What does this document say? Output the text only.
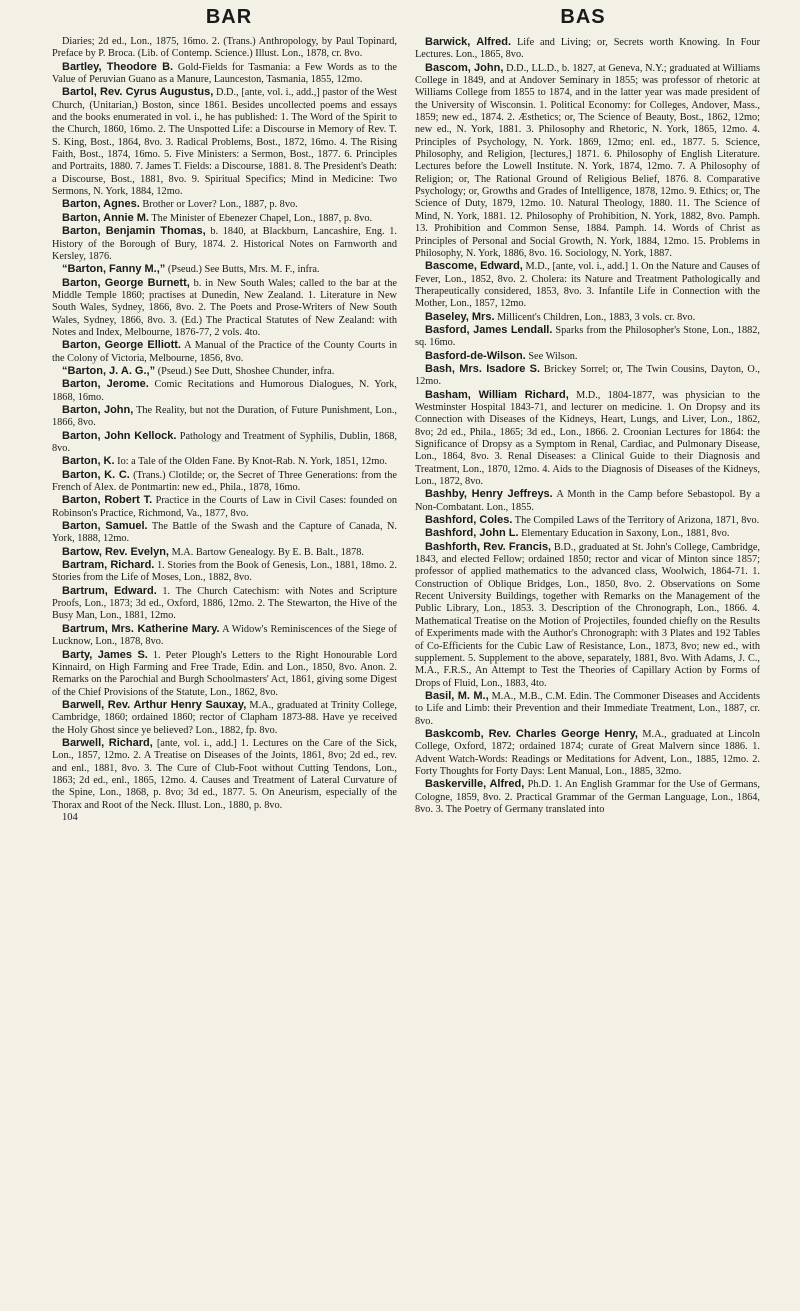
BAR	BAS

Diaries; 2d ed., Lon., 1875, 16mo. 2. (Trans.) Anthropology, by Paul Topinard, Preface by P. Broca. (Lib. of Contemp. Science.) Illust. Lon., 1878, cr. 8vo.

Bartley, Theodore B. Gold-Fields for Tasmania: a Few Words as to the Value of Peruvian Guano as a Manure, Launceston, Tasmania, 1855, 12mo.

Bartol, Rev. Cyrus Augustus, D.D., [ante, vol. i., add.,] pastor of the West Church, (Unitarian,) Boston, since 1861. Besides uncollected poems and essays and the books enumerated in vol. i., he has published: 1. The Word of the Spirit to the Church, 1860, 16mo. 2. The Unspotted Life: a Discourse in Memory of Rev. T. S. King, Bost., 1864, 8vo. 3. Radical Problems, Bost., 1872, 16mo. 4. The Rising Faith, Bost., 1874, 16mo. 5. Five Ministers: a Sermon, Bost., 1877. 6. Principles and Portraits, 1880. 7. James T. Fields: a Discourse, 1881. 8. The President's Death: a Discourse, Bost., 1881, 8vo. 9. Spiritual Specifics; Mind in Medicine: Two Sermons, N. York, 1884, 12mo.

Barton, Agnes. Brother or Lover? Lon., 1887, p. 8vo.

Barton, Annie M. The Minister of Ebenezer Chapel, Lon., 1887, p. 8vo.

Barton, Benjamin Thomas, b. 1840, at Blackburn, Lancashire, Eng. 1. History of the Borough of Bury, 1874. 2. Historical Notes on Farnworth and Kersley, 1876.

“Barton, Fanny M.,” (Pseud.) See Butts, Mrs. M. F., infra.

Barton, George Burnett, b. in New South Wales; called to the bar at the Middle Temple 1860; practises at Dunedin, New Zealand. 1. Literature in New South Wales, Sydney, 1866, 8vo. 2. The Poets and Prose-Writers of New South Wales, Sydney, 1866, 8vo. 3. (Ed.) The Practical Statutes of New Zealand: with Notes and Index, Melbourne, 1876-77, 2 vols. 4to.

Barton, George Elliott. A Manual of the Practice of the County Courts in the Colony of Victoria, Melbourne, 1856, 8vo.

“Barton, J. A. G.,” (Pseud.) See Dutt, Shoshee Chunder, infra.

Barton, Jerome. Comic Recitations and Humorous Dialogues, N. York, 1868, 16mo.

Barton, John, The Reality, but not the Duration, of Future Punishment, Lon., 1866, 8vo.

Barton, John Kellock. Pathology and Treatment of Syphilis, Dublin, 1868, 8vo.

Barton, K. Io: a Tale of the Olden Fane. By Knot-Rab. N. York, 1851, 12mo.

Barton, K. C. (Trans.) Clotilde; or, the Secret of Three Generations: from the French of Alex. de Pontmartin: new ed., Phila., 1878, 16mo.

Barton, Robert T. Practice in the Courts of Law in Civil Cases: founded on Robinson's Practice, Richmond, Va., 1877, 8vo.

Barton, Samuel. The Battle of the Swash and the Capture of Canada, N. York, 1888, 12mo.

Bartow, Rev. Evelyn, M.A. Bartow Genealogy. By E. B. Balt., 1878.

Bartram, Richard. 1. Stories from the Book of Genesis, Lon., 1881, 18mo. 2. Stories from the Life of Moses, Lon., 1882, 8vo.

Bartrum, Edward. 1. The Church Catechism: with Notes and Scripture Proofs, Lon., 1873; 3d ed., Oxford, 1886, 12mo. 2. The Stewarton, the Hive of the Busy Man, Lon., 1881, 12mo.

Bartrum, Mrs. Katherine Mary. A Widow's Reminiscences of the Siege of Lucknow, Lon., 1878, 8vo.

Barty, James S. 1. Peter Plough's Letters to the Right Honourable Lord Kinnaird, on High Farming and Free Trade, Edin. and Lon., 1850, 8vo. Anon. 2. Remarks on the Parochial and Burgh Schoolmasters' Act, 1861, giving some Digest of the Chief Provisions of the Statute, Lon., 1862, 8vo.

Barwell, Rev. Arthur Henry Sauxay, M.A., graduated at Trinity College, Cambridge, 1860; ordained 1860; rector of Clapham 1873-88. Have ye received the Holy Ghost since ye believed? Lon., 1882, fp. 8vo.

Barwell, Richard, [ante, vol. i., add.] 1. Lectures on the Care of the Sick, Lon., 1857, 12mo. 2. A Treatise on Diseases of the Joints, 1861, 8vo; 2d ed., rev. and enl., 1881, 8vo. 3. The Cure of Club-Foot without Cutting Tendons, Lon., 1863; 2d ed., enl., 1865, 12mo. 4. Causes and Treatment of Lateral Curvature of the Spine, Lon., 1868, p. 8vo; 3d ed., 1877. 5. On Aneurism, especially of the Thorax and Root of the Neck. Illust. Lon., 1880, p. 8vo.

104

Barwick, Alfred. Life and Living; or, Secrets worth Knowing. In Four Lectures. Lon., 1865, 8vo.

Bascom, John, D.D., LL.D., b. 1827, at Geneva, N.Y.; graduated at Williams College in 1849, and at Andover Seminary in 1855; was professor of rhetoric at Williams College from 1855 to 1874, and in the latter year was made president of the University of Wisconsin. 1. Political Economy: for Colleges, Andover, Mass., 1859; new ed., 1874. 2. Æsthetics; or, The Science of Beauty, Bost., 1862, 12mo; new ed., N. York, 1881. 3. Philosophy and Rhetoric, N. York, 1865, 12mo. 4. Principles of Psychology, N. York. 1869, 12mo; enl. ed., 1877. 5. Science, Philosophy, and Religion, [lectures,] 1871. 6. Philosophy of English Literature. Lectures before the Lowell Institute. N. York, 1874, 12mo. 7. A Philosophy of Religion; or, The Rational Ground of Religious Belief, 1876. 8. Comparative Psychology; or, Growths and Grades of Intelligence, 1878, 12mo. 9. Ethics; or, The Science of Duty, 1879, 12mo. 10. Natural Theology, 1880. 11. The Science of Mind, N. York, 1881. 12. Philosophy of Prohibition, N. York, 1882, 8vo. Pamph. 13. Prohibition and Common Sense, 1884. Pamph. 14. Words of Christ as Principles of Personal and Social Growth, N. York, 1884, 12mo. 15. Problems in Philosophy, N. York, 1886, 8vo. 16. Sociology, N. York, 1887.

Bascome, Edward, M.D., [ante, vol. i., add.] 1. On the Nature and Causes of Fever, Lon., 1852, 8vo. 2. Cholera: its Nature and Treatment Pathologically and Therapeutically considered, 1853, 8vo. 3. Infantile Life in Connection with the Mother, Lon., 1857, 12mo.

Baseley, Mrs. Millicent's Children, Lon., 1883, 3 vols. cr. 8vo.

Basford, James Lendall. Sparks from the Philosopher's Stone, Lon., 1882, sq. 16mo.

Basford-de-Wilson. See Wilson.

Bash, Mrs. Isadore S. Brickey Sorrel; or, The Twin Cousins, Dayton, O., 12mo.

Basham, William Richard, M.D., 1804-1877, was physician to the Westminster Hospital 1843-71, and lecturer on medicine. 1. On Dropsy and its Connection with Diseases of the Kidneys, Heart, Lungs, and Liver, Lon., 1862, 8vo; 2d ed., Phila., 1865; 3d ed., Lon., 1866. 2. Croonian Lectures for 1864: the Significance of Dropsy as a Symptom in Renal, Cardiac, and Pulmonary Disease, Lon., 1864, 8vo. 3. Renal Diseases: a Clinical Guide to their Diagnosis and Treatment, Lon., 1870, 12mo. 4. Aids to the Diagnosis of Diseases of the Kidneys, Lon., 1872, 8vo.

Bashby, Henry Jeffreys. A Month in the Camp before Sebastopol. By a Non-Combatant. Lon., 1855.

Bashford, Coles. The Compiled Laws of the Territory of Arizona, 1871, 8vo.

Bashford, John L. Elementary Education in Saxony, Lon., 1881, 8vo.

Bashforth, Rev. Francis, B.D., graduated at St. John's College, Cambridge, 1843, and elected Fellow; ordained 1850; rector and vicar of Minton since 1857; professor of applied mathematics to the advanced class, Woolwich, 1864-71. 1. Construction of Oblique Bridges, Lon., 1850, 8vo. 2. Observations on Some Recent University Buildings, together with Remarks on the Management of the Public Library, Lon., 1853. 3. Description of the Chronograph, Lon., 1866. 4. Mathematical Treatise on the Motion of Projectiles, founded chiefly on the Results of Experiments made with the Author's Chronograph: with 3 Plates and 192 Tables of Co-Efficients for the Cubic Law of Resistance, Lon., 1873, 8vo; new ed., with supplement. 5. Supplement to the above, separately, 1881, 8vo. With Adams, J. C., M.A., F.R.S., An Attempt to Test the Theories of Capillary Action by Forms of Drops of Fluid, Lon., 1883, 4to.

Basil, M. M., M.A., M.B., C.M. Edin. The Commoner Diseases and Accidents to Life and Limb: their Prevention and their Immediate Treatment, Lon., 1887, cr. 8vo.

Baskcomb, Rev. Charles George Henry, M.A., graduated at Lincoln College, Oxford, 1872; ordained 1874; curate of Great Malvern since 1886. 1. Advent Watch-Words: Readings or Meditations for Advent, Lon., 1885, 12mo. 2. Forty Thoughts for Forty Days: Lent Manual, Lon., 1885, 32mo.

Baskerville, Alfred, Ph.D. 1. An English Grammar for the Use of Germans, Cologne, 1859, 8vo. 2. Practical Grammar of the German Language, Lon., 1864, 8vo. 3. The Poetry of Germany translated into
